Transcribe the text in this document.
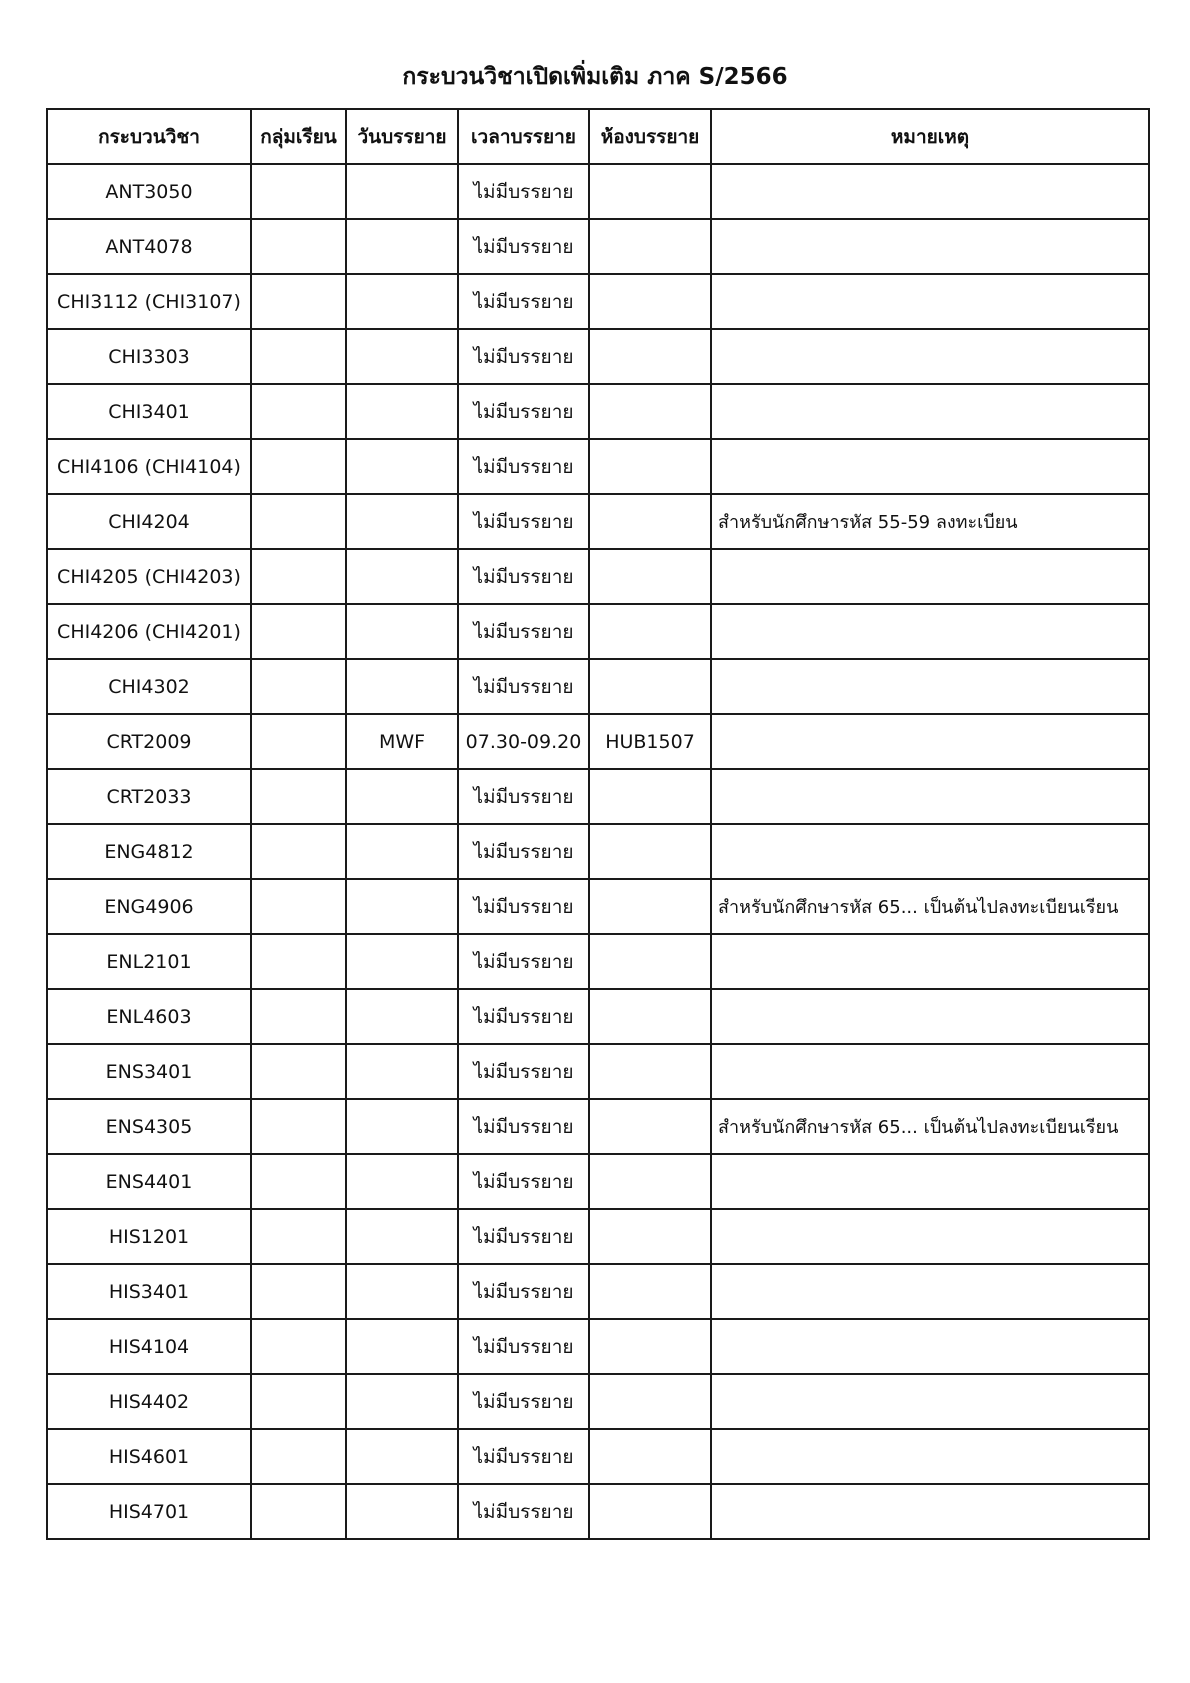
กระบวนวิชาเปิดเพิ่มเติม ภาค S/2566
กระบวนวิชา	กลุ่มเรียน	วันบรรยาย	เวลาบรรยาย	ห้องบรรยาย	หมายเหตุ
ANT3050			ไม่มีบรรยาย		
ANT4078			ไม่มีบรรยาย		
CHI3112 (CHI3107)			ไม่มีบรรยาย		
CHI3303			ไม่มีบรรยาย		
CHI3401			ไม่มีบรรยาย		
CHI4106 (CHI4104)			ไม่มีบรรยาย		
CHI4204			ไม่มีบรรยาย		สำหรับนักศึกษารหัส 55-59 ลงทะเบียน
CHI4205 (CHI4203)			ไม่มีบรรยาย		
CHI4206 (CHI4201)			ไม่มีบรรยาย		
CHI4302			ไม่มีบรรยาย		
CRT2009		MWF	07.30-09.20	HUB1507	
CRT2033			ไม่มีบรรยาย		
ENG4812			ไม่มีบรรยาย		
ENG4906			ไม่มีบรรยาย		สำหรับนักศึกษารหัส 65... เป็นต้นไปลงทะเบียนเรียน
ENL2101			ไม่มีบรรยาย		
ENL4603			ไม่มีบรรยาย		
ENS3401			ไม่มีบรรยาย		
ENS4305			ไม่มีบรรยาย		สำหรับนักศึกษารหัส 65... เป็นต้นไปลงทะเบียนเรียน
ENS4401			ไม่มีบรรยาย		
HIS1201			ไม่มีบรรยาย		
HIS3401			ไม่มีบรรยาย		
HIS4104			ไม่มีบรรยาย		
HIS4402			ไม่มีบรรยาย		
HIS4601			ไม่มีบรรยาย		
HIS4701			ไม่มีบรรยาย		
